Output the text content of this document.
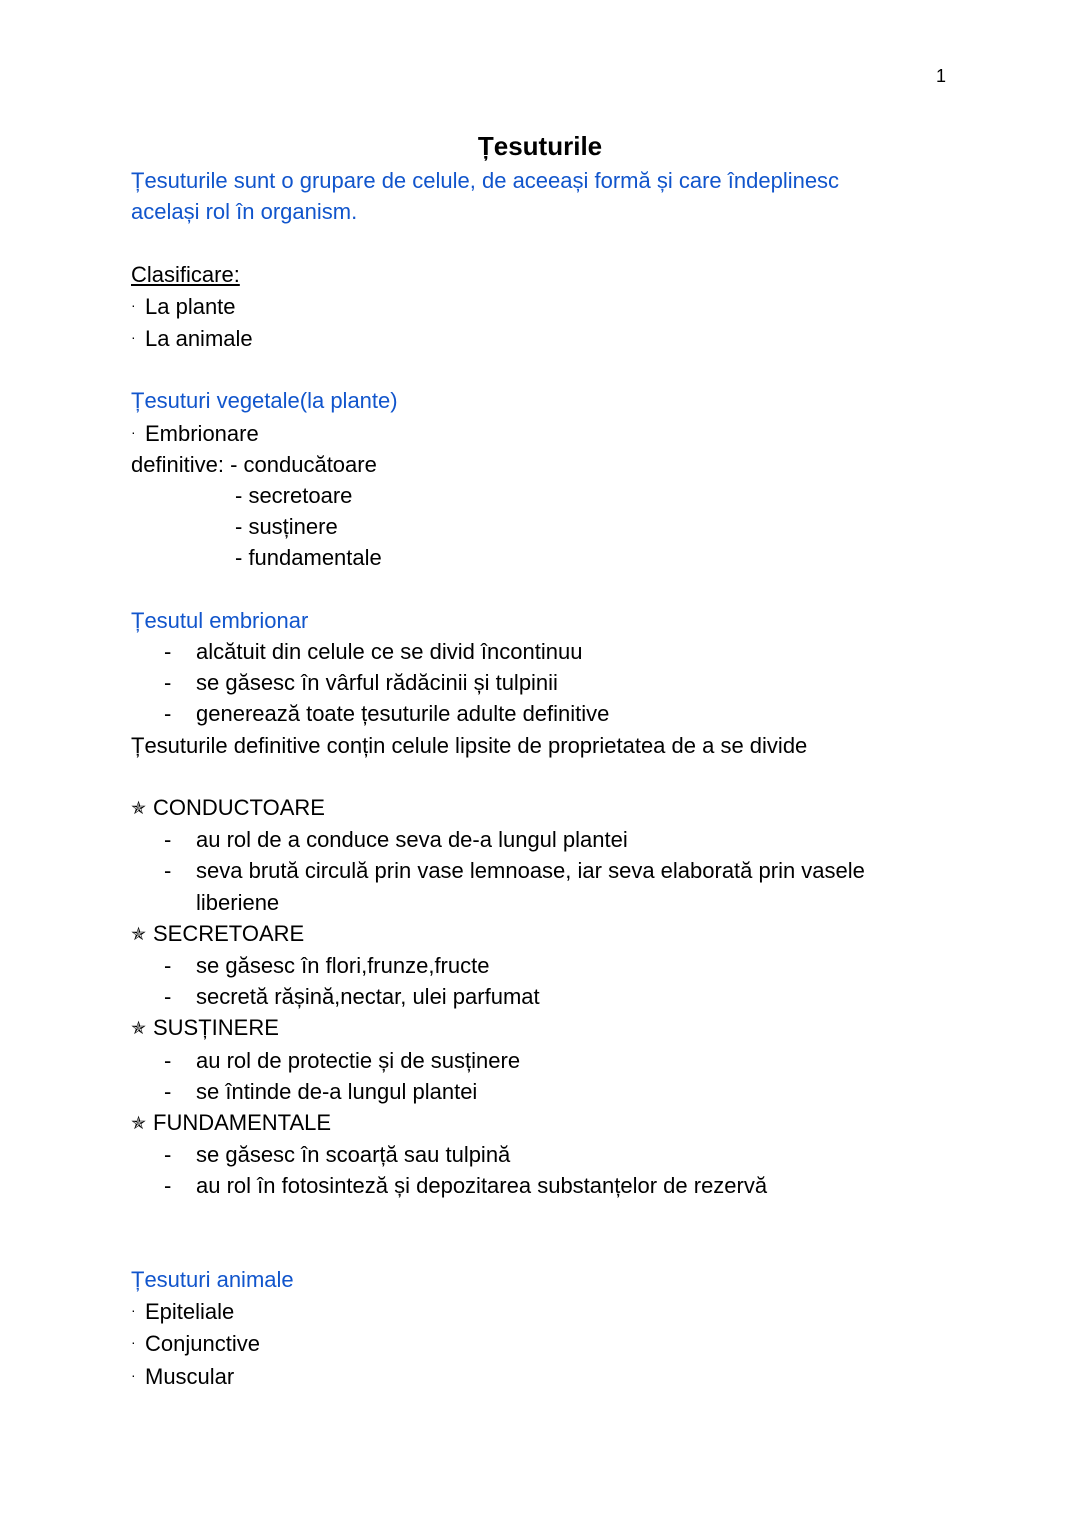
1
Țesuturile
Țesuturile sunt o grupare de celule, de aceeași formă și care îndeplinesc același rol în organism.
Clasificare:
· La plante
· La animale
Țesuturi vegetale(la plante)
· Embrionare
definitive: - conducătoare
- secretoare
- susținere
- fundamentale
Țesutul embrionar
-	alcătuit din celule ce se divid încontinuu
-	se găsesc în vârful rădăcinii și tulpinii
-	generează toate țesuturile adulte definitive
Țesuturile definitive conțin celule lipsite de proprietatea de a se divide
✯ CONDUCTOARE
-	au rol de a conduce seva de-a lungul plantei
-	seva brută circulă prin vase lemnoase, iar seva elaborată prin vasele liberiene
✯ SECRETOARE
-	se găsesc în flori,frunze,fructe
-	secretă rășină,nectar, ulei parfumat
✯ SUSȚINERE
-	au rol de protectie și de susținere
-	se întinde de-a lungul plantei
✯ FUNDAMENTALE
-	se găsesc în scoarță sau tulpină
-	au rol în fotosinteză și depozitarea substanțelor de rezervă
Țesuturi animale
· Epiteliale
· Conjunctive
· Muscular
